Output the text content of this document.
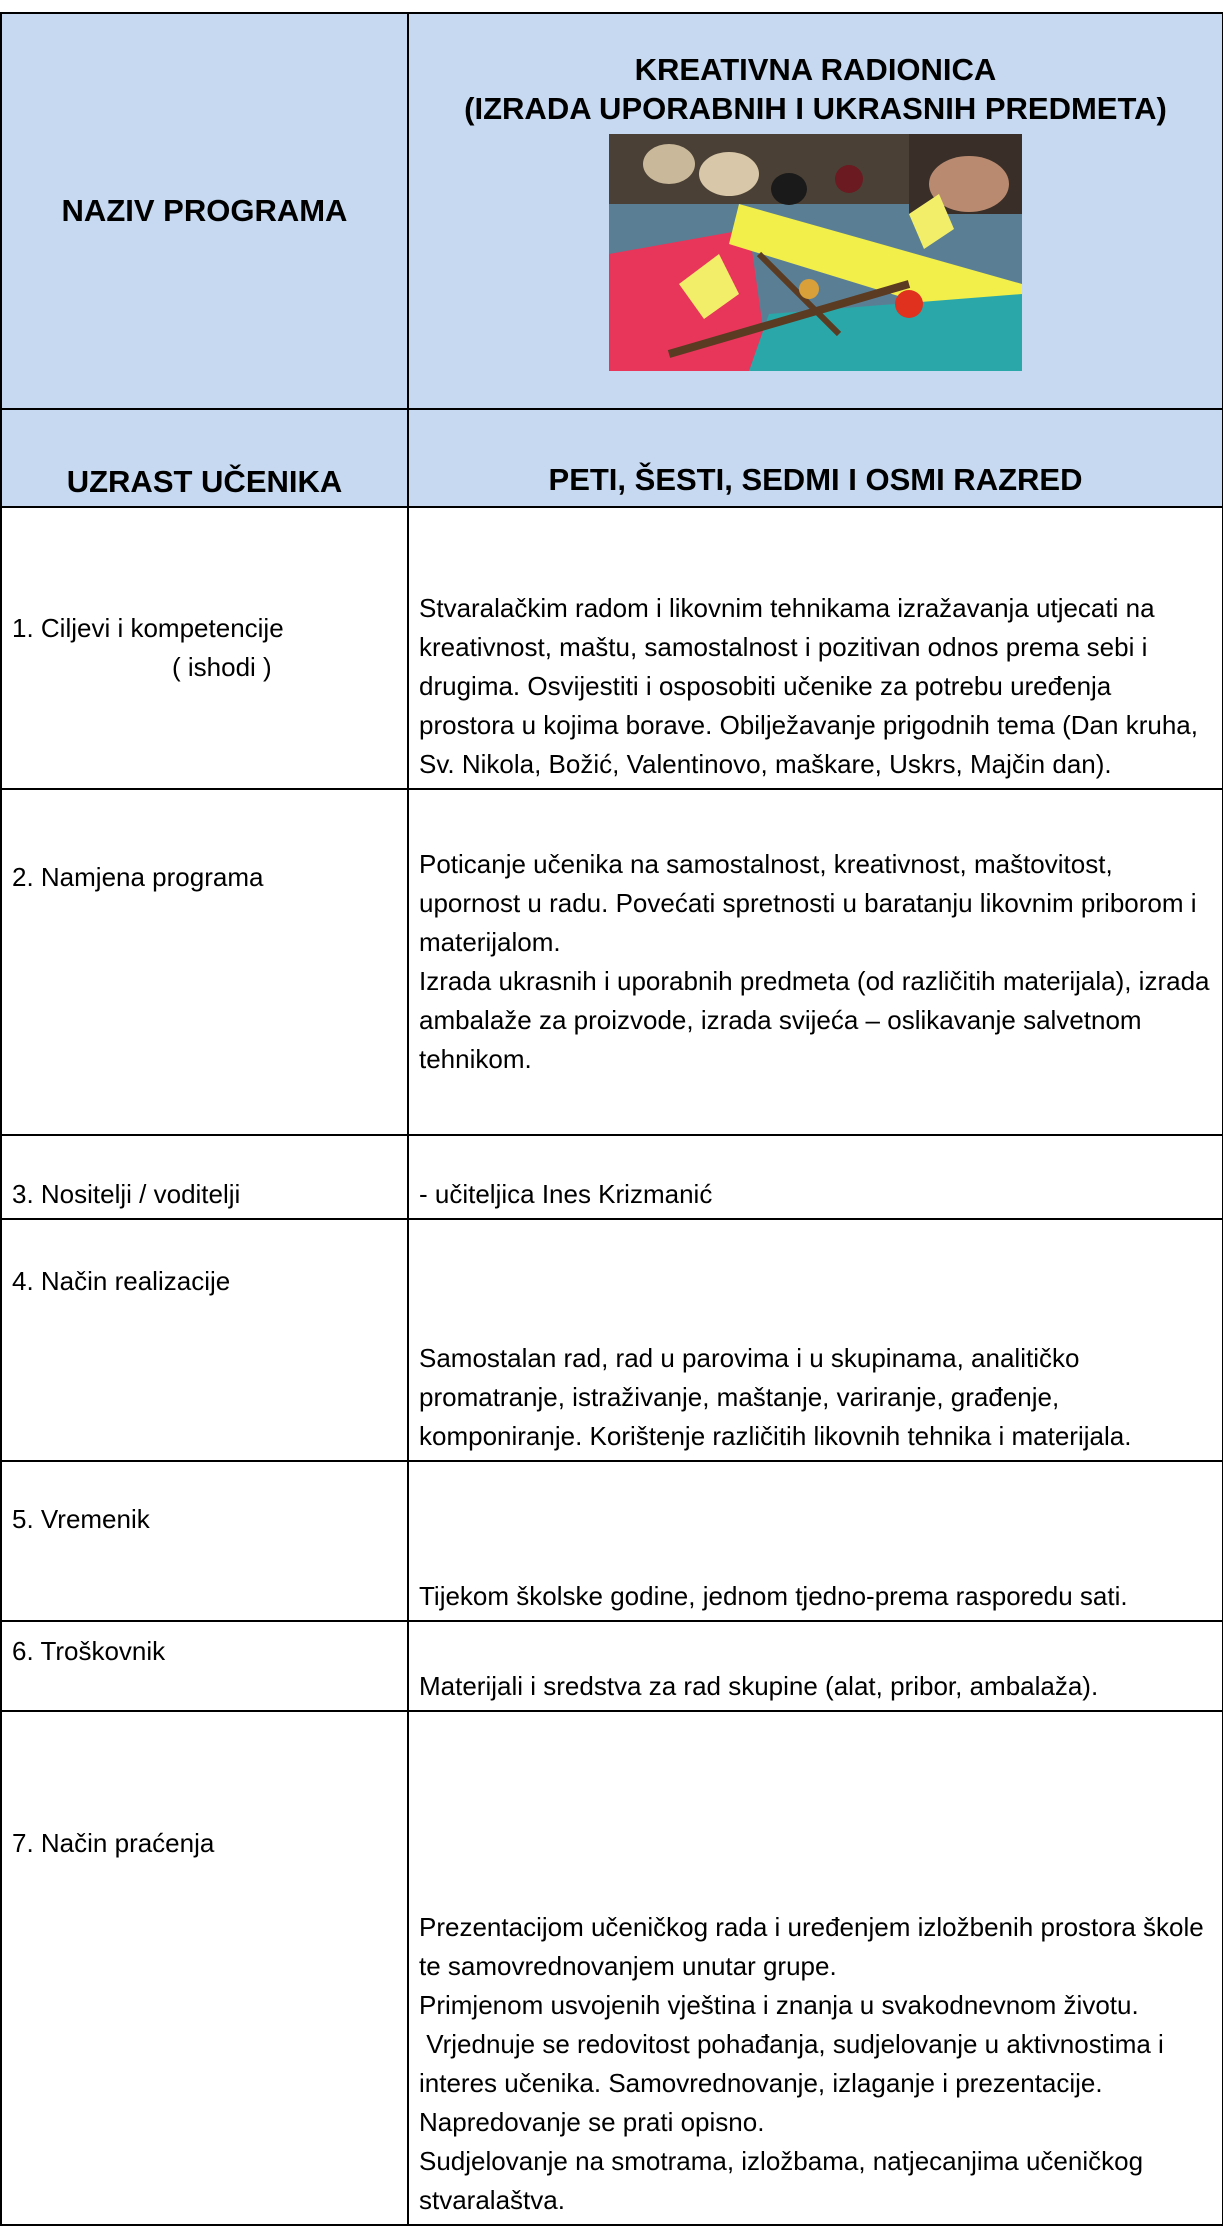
NAZIV PROGRAMA	KREATIVNA RADIONICA
(IZRADA UPORABNIH I UKRASNIH PREDMETA)

UZRAST UČENIKA	PETI, ŠESTI, SEDMI I OSMI RAZRED
1. Ciljevi i kompetencije
( ishodi )	Stvaralačkim radom i likovnim tehnikama izražavanja utjecati na kreativnost, maštu, samostalnost i pozitivan odnos prema sebi i drugima. Osvijestiti i osposobiti učenike za potrebu uređenja prostora u kojima borave. Obilježavanje prigodnih tema (Dan kruha, Sv. Nikola, Božić, Valentinovo, maškare, Uskrs, Majčin dan).
2. Namjena programa	Poticanje učenika na samostalnost, kreativnost, maštovitost, upornost u radu. Povećati spretnosti u baratanju likovnim priborom i materijalom.

Izrada ukrasnih i uporabnih predmeta (od različitih materijala), izrada ambalaže za proizvode, izrada svijeća – oslikavanje salvetnom tehnikom.

3. Nositelji / voditelji	- učiteljica Ines Krizmanić
4. Način realizacije	Samostalan rad, rad u parovima i u skupinama, analitičko promatranje, istraživanje, maštanje, variranje, građenje, komponiranje. Korištenje različitih likovnih tehnika i materijala.
5. Vremenik	Tijekom školske godine, jednom tjedno-prema rasporedu sati.
6. Troškovnik	Materijali i sredstva za rad skupine (alat, pribor, ambalaža).
7. Način praćenja	Prezentacijom učeničkog rada i uređenjem izložbenih prostora škole te samovrednovanjem unutar grupe.

Primjenom usvojenih vještina i znanja u svakodnevnom životu.

Vrjednuje se redovitost pohađanja, sudjelovanje u aktivnostima i interes učenika. Samovrednovanje, izlaganje i prezentacije. Napredovanje se prati opisno.

Sudjelovanje na smotrama, izložbama, natjecanjima učeničkog stvaralaštva.
